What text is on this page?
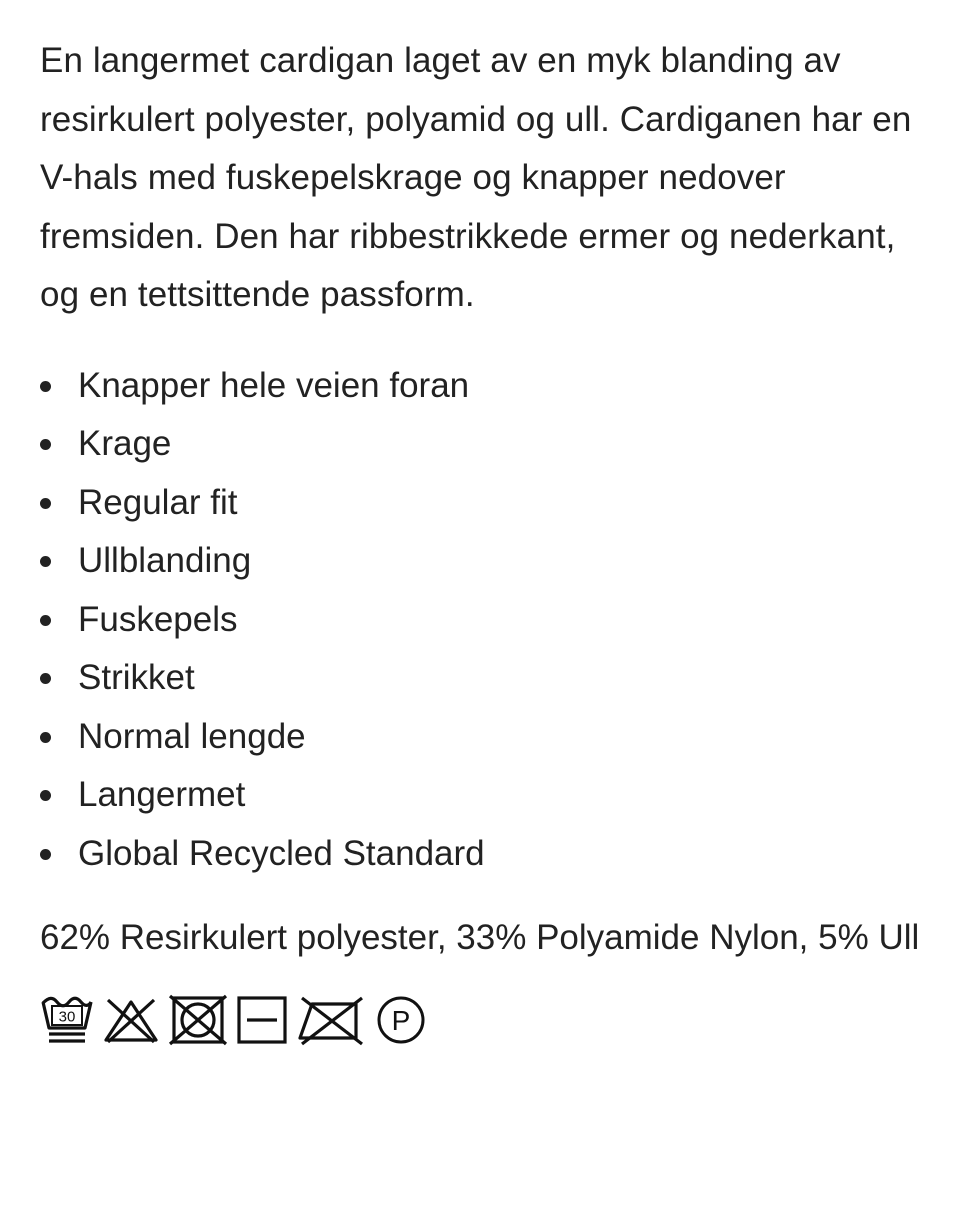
En langermet cardigan laget av en myk blanding av resirkulert polyester, polyamid og ull. Cardiganen har en V-hals med fuskepelskrage og knapper nedover fremsiden. Den har ribbestrikkede ermer og nederkant, og en tettsittende passform.

Knapper hele veien foran
Krage
Regular fit
Ullblanding
Fuskepels
Strikket
Normal lengde
Langermet
Global Recycled Standard

62% Resirkulert polyester, 33% Polyamide Nylon, 5% Ull

30	P
